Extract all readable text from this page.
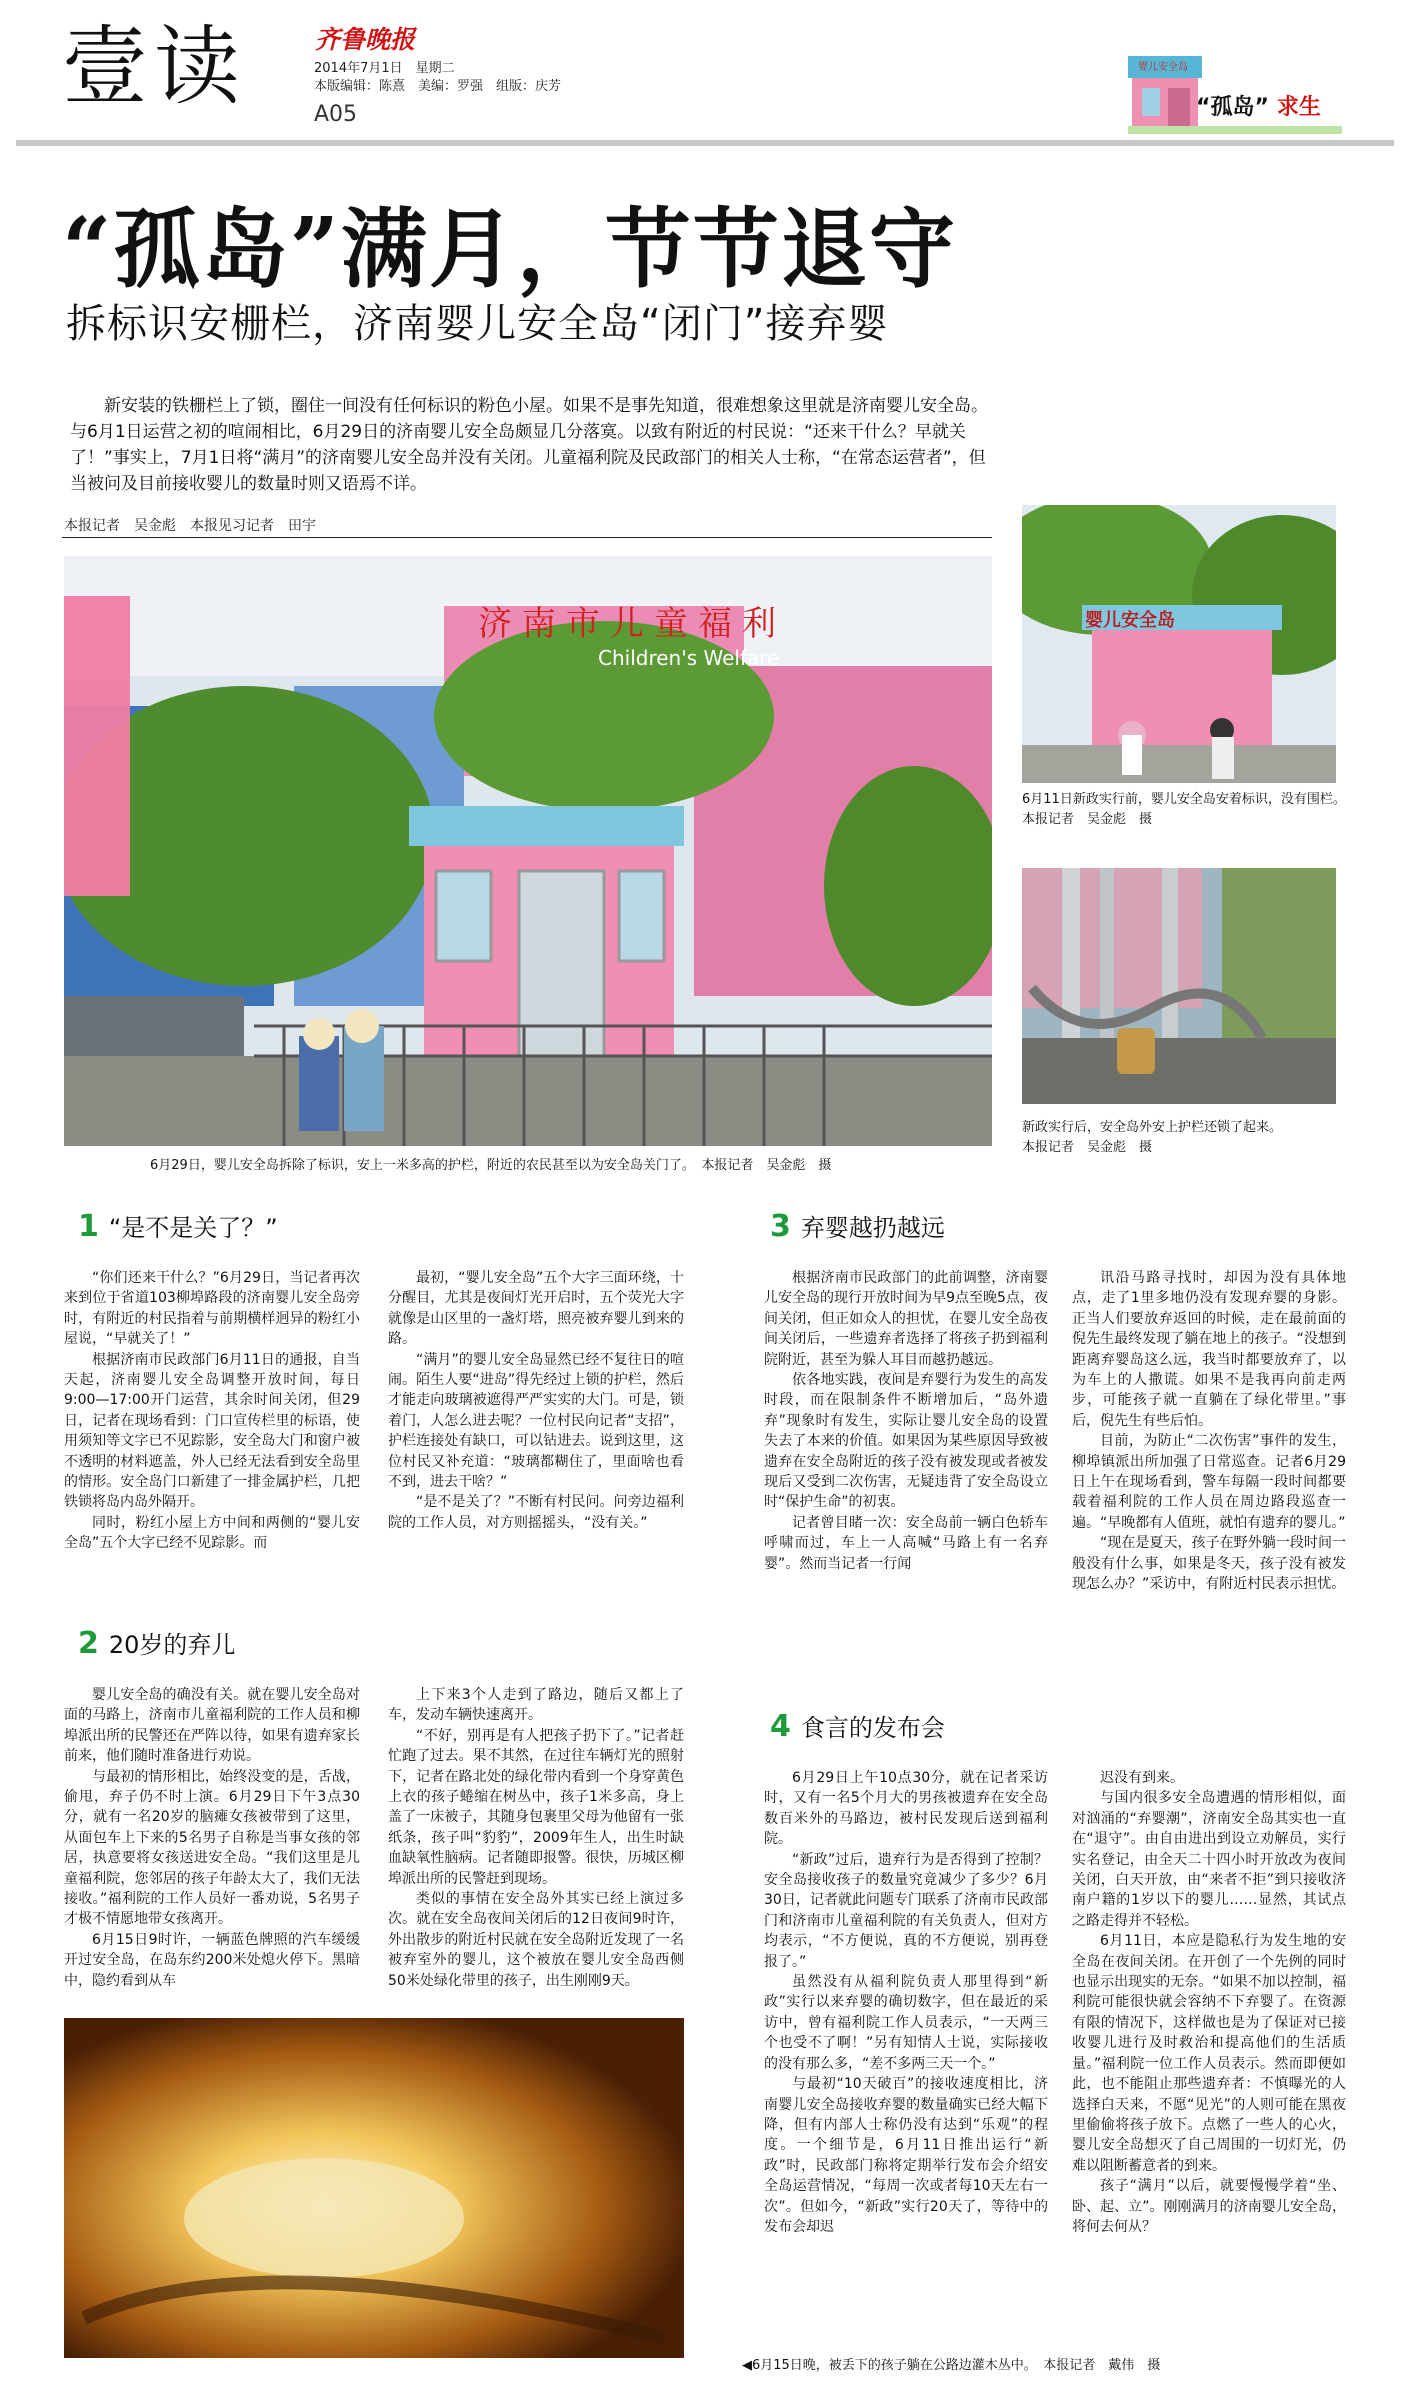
壹读	齐鲁晚报
2014年7月1日　星期二
本版编辑：陈熹　美编：罗强　组版：庆芳
A05
婴儿安全岛
“孤岛” 求生
“孤岛”满月，节节退守
拆标识安栅栏，济南婴儿安全岛“闭门”接弃婴
新安装的铁栅栏上了锁，圈住一间没有任何标识的粉色小屋。如果不是事先知道，很难想象这里就是济南婴儿安全岛。与6月1日运营之初的喧闹相比，6月29日的济南婴儿安全岛颇显几分落寞。以致有附近的村民说：“还来干什么？早就关了！”事实上，7月1日将“满月”的济南婴儿安全岛并没有关闭。儿童福利院及民政部门的相关人士称，“在常态运营者”，但当被问及目前接收婴儿的数量时则又语焉不详。
本报记者　吴金彪　本报见习记者　田宇
济南市儿童福利
Children's Welfare
6月29日，婴儿安全岛拆除了标识，安上一米多高的护栏，附近的农民甚至以为安全岛关门了。　本报记者　吴金彪　摄
婴儿安全岛
6月11日新政实行前，婴儿安全岛安着标识，没有围栏。　本报记者　吴金彪　摄
新政实行后，安全岛外安上护栏还锁了起来。　　　　　本报记者　吴金彪　摄
1 “是不是关了？”

“你们还来干什么？”6月29日，当记者再次来到位于省道103柳埠路段的济南婴儿安全岛旁时，有附近的村民指着与前期横样迥异的粉红小屋说，“早就关了！”

根据济南市民政部门6月11日的通报，自当天起，济南婴儿安全岛调整开放时间，每日9:00—17:00开门运营，其余时间关闭，但29日，记者在现场看到：门口宣传栏里的标语，使用须知等文字已不见踪影，安全岛大门和窗户被不透明的材料遮盖，外人已经无法看到安全岛里的情形。安全岛门口新建了一排金属护栏，几把铁锁将岛内岛外隔开。

同时，粉红小屋上方中间和两侧的“婴儿安全岛”五个大字已经不见踪影。而

最初，“婴儿安全岛”五个大字三面环绕，十分醒目，尤其是夜间灯光开启时，五个荧光大字就像是山区里的一盏灯塔，照亮被弃婴儿到来的路。

“满月”的婴儿安全岛显然已经不复往日的喧闹。陌生人要“进岛”得先经过上锁的护栏，然后才能走向玻璃被遮得严严实实的大门。可是，锁着门，人怎么进去呢？一位村民向记者“支招”，护栏连接处有缺口，可以钻进去。说到这里，这位村民又补充道：“玻璃都糊住了，里面啥也看不到，进去干啥？”

“是不是关了？”不断有村民问。问旁边福利院的工作人员，对方则摇摇头，“没有关。”

2 20岁的弃儿

婴儿安全岛的确没有关。就在婴儿安全岛对面的马路上，济南市儿童福利院的工作人员和柳埠派出所的民警还在严阵以待，如果有遗弃家长前来，他们随时准备进行劝说。

与最初的情形相比，始终没变的是，舌战，偷甩，弃子仍不时上演。6月29日下午3点30分，就有一名20岁的脑瘫女孩被带到了这里，从面包车上下来的5名男子自称是当事女孩的邻居，执意要将女孩送进安全岛。“我们这里是儿童福利院，您邻居的孩子年龄太大了，我们无法接收。”福利院的工作人员好一番劝说，5名男子才极不情愿地带女孩离开。

6月15日9时许，一辆蓝色牌照的汽车缓缓开过安全岛，在岛东约200米处熄火停下。黑暗中，隐约看到从车

上下来3个人走到了路边，随后又都上了车，发动车辆快速离开。

“不好，别再是有人把孩子扔下了。”记者赶忙跑了过去。果不其然，在过往车辆灯光的照射下，记者在路北处的绿化带内看到一个身穿黄色上衣的孩子蜷缩在树丛中，孩子1米多高，身上盖了一床被子，其随身包裹里父母为他留有一张纸条，孩子叫“豹豹”，2009年生人，出生时缺血缺氧性脑病。记者随即报警。很快，历城区柳埠派出所的民警赶到现场。

类似的事情在安全岛外其实已经上演过多次。就在安全岛夜间关闭后的12日夜间9时许，外出散步的附近村民就在安全岛附近发现了一名被弃室外的婴儿，这个被放在婴儿安全岛西侧50米处绿化带里的孩子，出生刚刚9天。

◀6月15日晚，被丢下的孩子躺在公路边灌木丛中。　本报记者　戴伟　摄
3 弃婴越扔越远

根据济南市民政部门的此前调整，济南婴儿安全岛的现行开放时间为早9点至晚5点，夜间关闭，但正如众人的担忧，在婴儿安全岛夜间关闭后，一些遗弃者选择了将孩子扔到福利院附近，甚至为躲人耳目而越扔越远。

依各地实践，夜间是弃婴行为发生的高发时段，而在限制条件不断增加后，“岛外遗弃”现象时有发生，实际让婴儿安全岛的设置失去了本来的价值。如果因为某些原因导致被遗弃在安全岛附近的孩子没有被发现或者被发现后又受到二次伤害，无疑违背了安全岛设立时“保护生命”的初衷。

记者曾目睹一次：安全岛前一辆白色轿车呼啸而过，车上一人高喊“马路上有一名弃婴”。然而当记者一行闻

讯沿马路寻找时，却因为没有具体地点，走了1里多地仍没有发现弃婴的身影。正当人们要放弃返回的时候，走在最前面的倪先生最终发现了躺在地上的孩子。“没想到距离弃婴岛这么远，我当时都要放弃了，以为车上的人撒谎。如果不是我再向前走两步，可能孩子就一直躺在了绿化带里。”事后，倪先生有些后怕。

目前，为防止“二次伤害”事件的发生，柳埠镇派出所加强了日常巡查。记者6月29日上午在现场看到，警车每隔一段时间都要载着福利院的工作人员在周边路段巡查一遍。“早晚都有人值班，就怕有遗弃的婴儿。”

“现在是夏天，孩子在野外躺一段时间一般没有什么事，如果是冬天，孩子没有被发现怎么办？”采访中，有附近村民表示担忧。

4 食言的发布会

6月29日上午10点30分，就在记者采访时，又有一名5个月大的男孩被遗弃在安全岛数百米外的马路边，被村民发现后送到福利院。

“新政”过后，遗弃行为是否得到了控制？安全岛接收孩子的数量究竟减少了多少？6月30日，记者就此问题专门联系了济南市民政部门和济南市儿童福利院的有关负责人，但对方均表示，“不方便说，真的不方便说，别再登报了。”

虽然没有从福利院负责人那里得到“新政”实行以来弃婴的确切数字，但在最近的采访中，曾有福利院工作人员表示，“一天两三个也受不了啊！”另有知情人士说，实际接收的没有那么多，“差不多两三天一个。”

与最初“10天破百”的接收速度相比，济南婴儿安全岛接收弃婴的数量确实已经大幅下降，但有内部人士称仍没有达到“乐观”的程度。一个细节是，6月11日推出运行“新政”时，民政部门称将定期举行发布会介绍安全岛运营情况，“每周一次或者每10天左右一次”。但如今，“新政”实行20天了，等待中的发布会却迟

迟没有到来。

与国内很多安全岛遭遇的情形相似，面对汹涌的“弃婴潮”，济南安全岛其实也一直在“退守”。由自由进出到设立劝解员，实行实名登记，由全天二十四小时开放改为夜间关闭，白天开放，由“来者不拒”到只接收济南户籍的1岁以下的婴儿……显然，其试点之路走得并不轻松。

6月11日，本应是隐私行为发生地的安全岛在夜间关闭。在开创了一个先例的同时也显示出现实的无奈。“如果不加以控制，福利院可能很快就会容纳不下弃婴了。在资源有限的情况下，这样做也是为了保证对已接收婴儿进行及时救治和提高他们的生活质量。”福利院一位工作人员表示。然而即便如此，也不能阻止那些遗弃者：不慎曝光的人选择白天来，不愿“见光”的人则可能在黑夜里偷偷将孩子放下。点燃了一些人的心火，婴儿安全岛想灭了自己周围的一切灯光，仍难以阻断蓄意者的到来。

孩子“满月”以后，就要慢慢学着“坐、卧、起、立”。刚刚满月的济南婴儿安全岛，将何去何从？
